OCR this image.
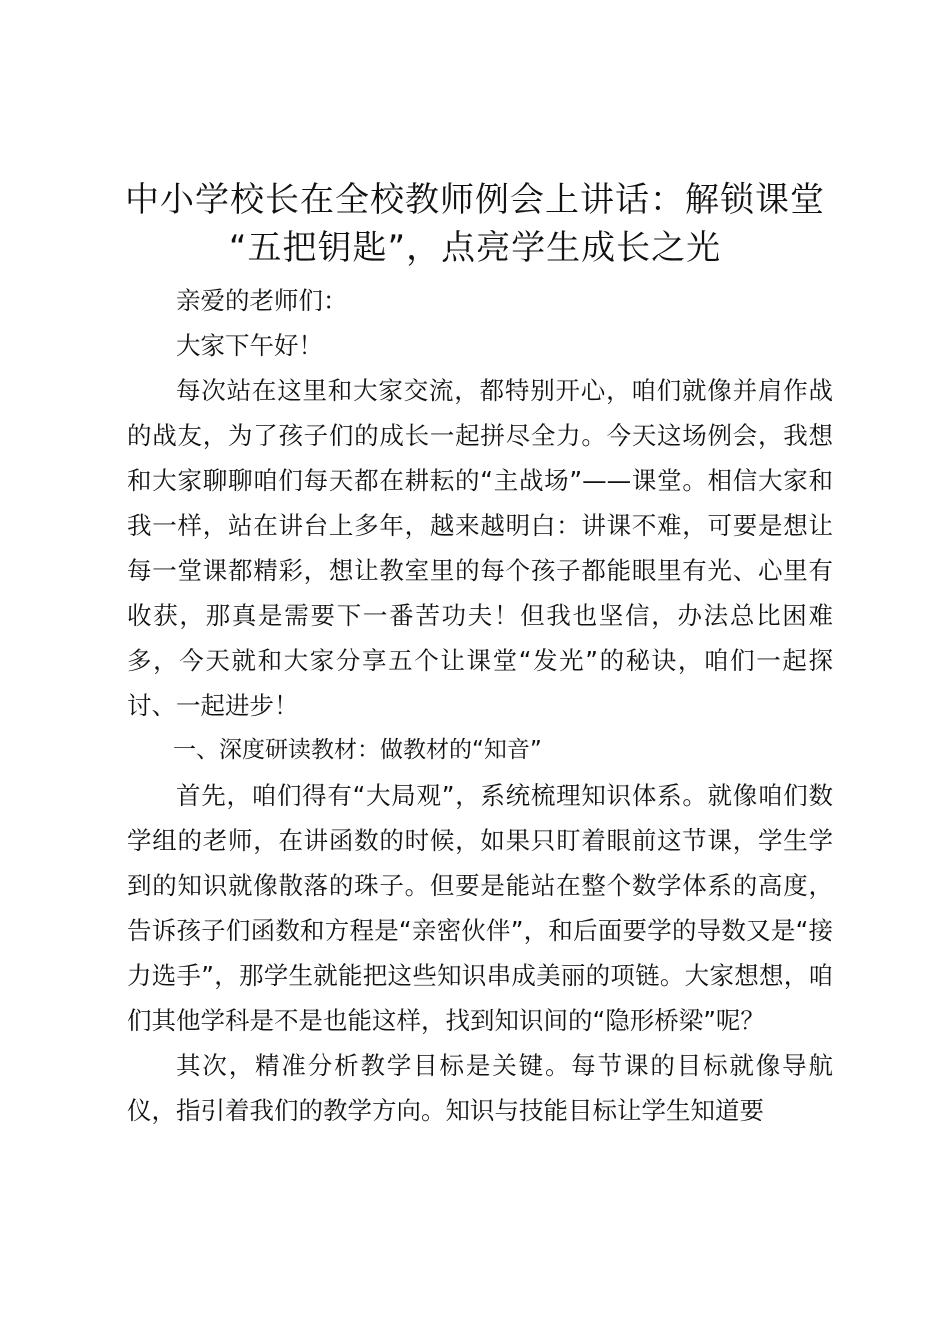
中小学校长在全校教师例会上讲话：解锁课堂
“五把钥匙”，点亮学生成长之光

亲爱的老师们：

大家下午好！

每次站在这里和大家交流，都特别开心，咱们就像并肩作战的战友，为了孩子们的成长一起拼尽全力。今天这场例会，我想和大家聊聊咱们每天都在耕耘的“主战场”——课堂。相信大家和我一样，站在讲台上多年，越来越明白：讲课不难，可要是想让每一堂课都精彩，想让教室里的每个孩子都能眼里有光、心里有收获，那真是需要下一番苦功夫！但我也坚信，办法总比困难多，今天就和大家分享五个让课堂“发光”的秘诀，咱们一起探讨、一起进步！

一、深度研读教材：做教材的“知音”

首先，咱们得有“大局观”，系统梳理知识体系。就像咱们数学组的老师，在讲函数的时候，如果只盯着眼前这节课，学生学到的知识就像散落的珠子。但要是能站在整个数学体系的高度，告诉孩子们函数和方程是“亲密伙伴”，和后面要学的导数又是“接力选手”，那学生就能把这些知识串成美丽的项链。大家想想，咱们其他学科是不是也能这样，找到知识间的“隐形桥梁”呢？

其次，精准分析教学目标是关键。每节课的目标就像导航仪，指引着我们的教学方向。知识与技能目标让学生知道要
